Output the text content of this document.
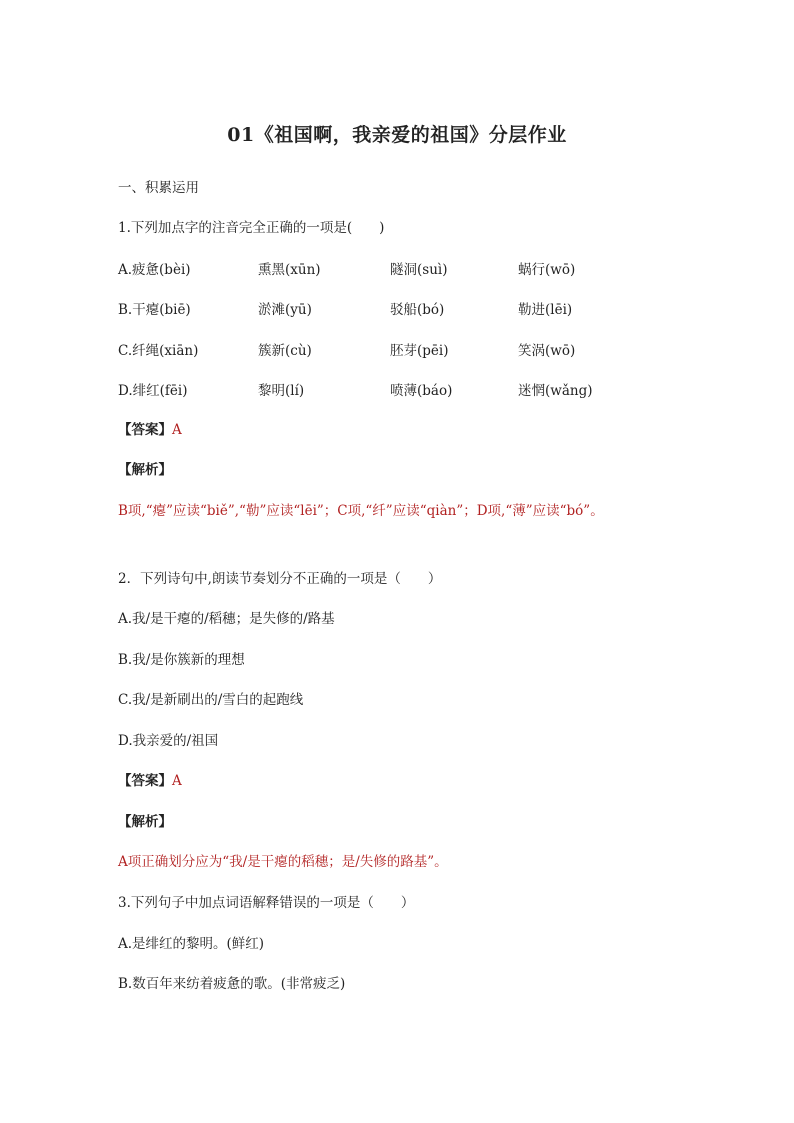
01《祖国啊，我亲爱的祖国》分层作业
一、积累运用
1.下列加点字的注音完全正确的一项是(　　)
A.疲惫(bèi)	熏黑(xūn)	隧洞(suì)	蜗行(wō)
B.干瘪(biē)	淤滩(yū)	驳船(bó)	勒进(lēi)
C.纤绳(xiān)	簇新(cù)	胚芽(pēi)	笑涡(wō)
D.绯红(fēi)	黎明(lí)	喷薄(báo)	迷惘(wǎng)
【答案】A
【解析】
B项,“瘪”应读“biě”,“勒”应读“lēi”；C项,“纤”应读“qiàn”；D项,“薄”应读“bó”。
2．下列诗句中,朗读节奏划分不正确的一项是（　　）
A.我/是干瘪的/稻穗；是失修的/路基
B.我/是你簇新的理想
C.我/是新刷出的/雪白的起跑线
D.我亲爱的/祖国
【答案】A
【解析】
A项正确划分应为“我/是干瘪的稻穗；是/失修的路基”。
3.下列句子中加点词语解释错误的一项是（　　）
A.是绯红的黎明。(鲜红)
B.数百年来纺着疲惫的歌。(非常疲乏)
